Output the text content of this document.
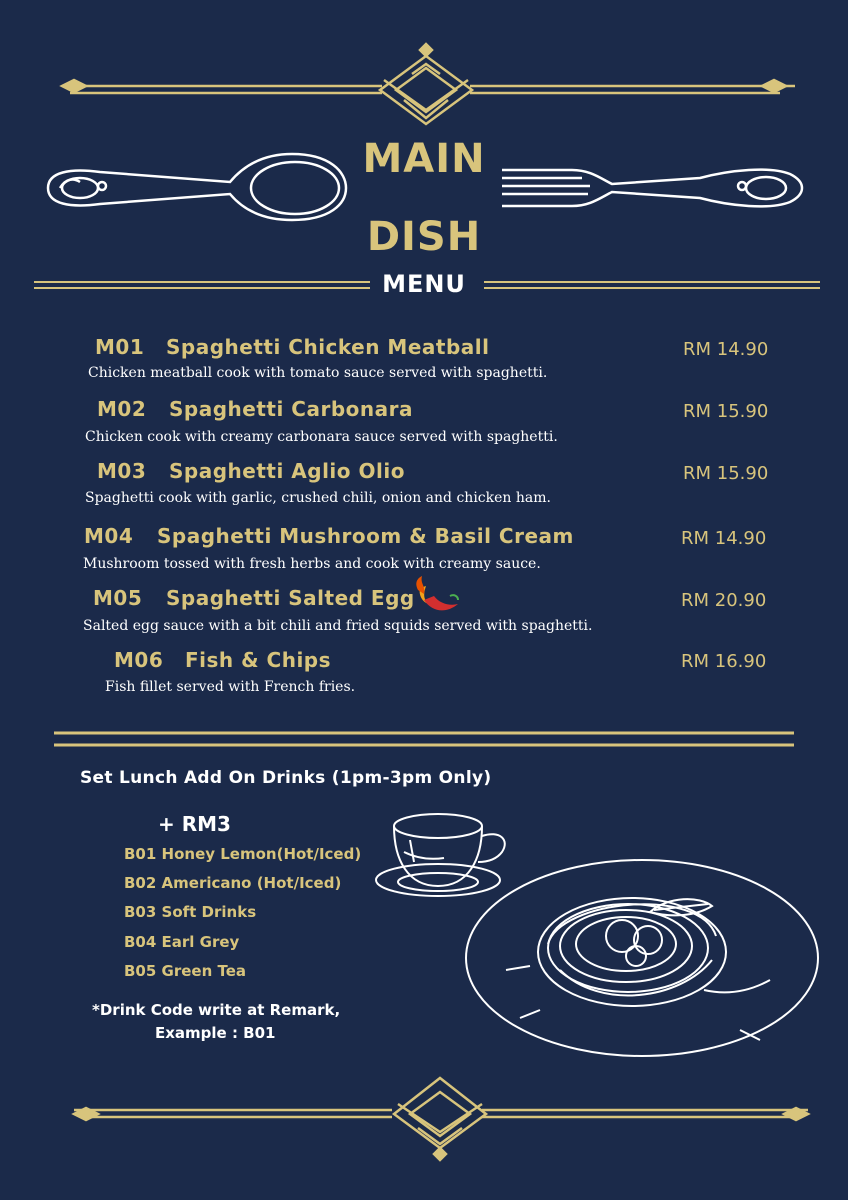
MAIN
DISH
MENU
M01 Spaghetti Chicken Meatball
Chicken meatball cook with tomato sauce served with spaghetti.
RM 14.90
M02 Spaghetti Carbonara
Chicken cook with creamy carbonara sauce served with spaghetti.
RM 15.90
M03 Spaghetti Aglio Olio
Spaghetti cook with garlic, crushed chili, onion and chicken ham.
RM 15.90
M04 Spaghetti Mushroom & Basil Cream
Mushroom tossed with fresh herbs and cook with creamy sauce.
RM 14.90
M05 Spaghetti Salted Egg
Salted egg sauce with a bit chili and fried squids served with spaghetti.
RM 20.90
M06 Fish & Chips
Fish fillet served with French fries.
RM 16.90
Set Lunch Add On Drinks (1pm-3pm Only)
+ RM3
B01 Honey Lemon(Hot/Iced)
B02 Americano (Hot/Iced)
B03 Soft Drinks
B04 Earl Grey
B05 Green Tea
*Drink Code write at Remark,
Example : B01
